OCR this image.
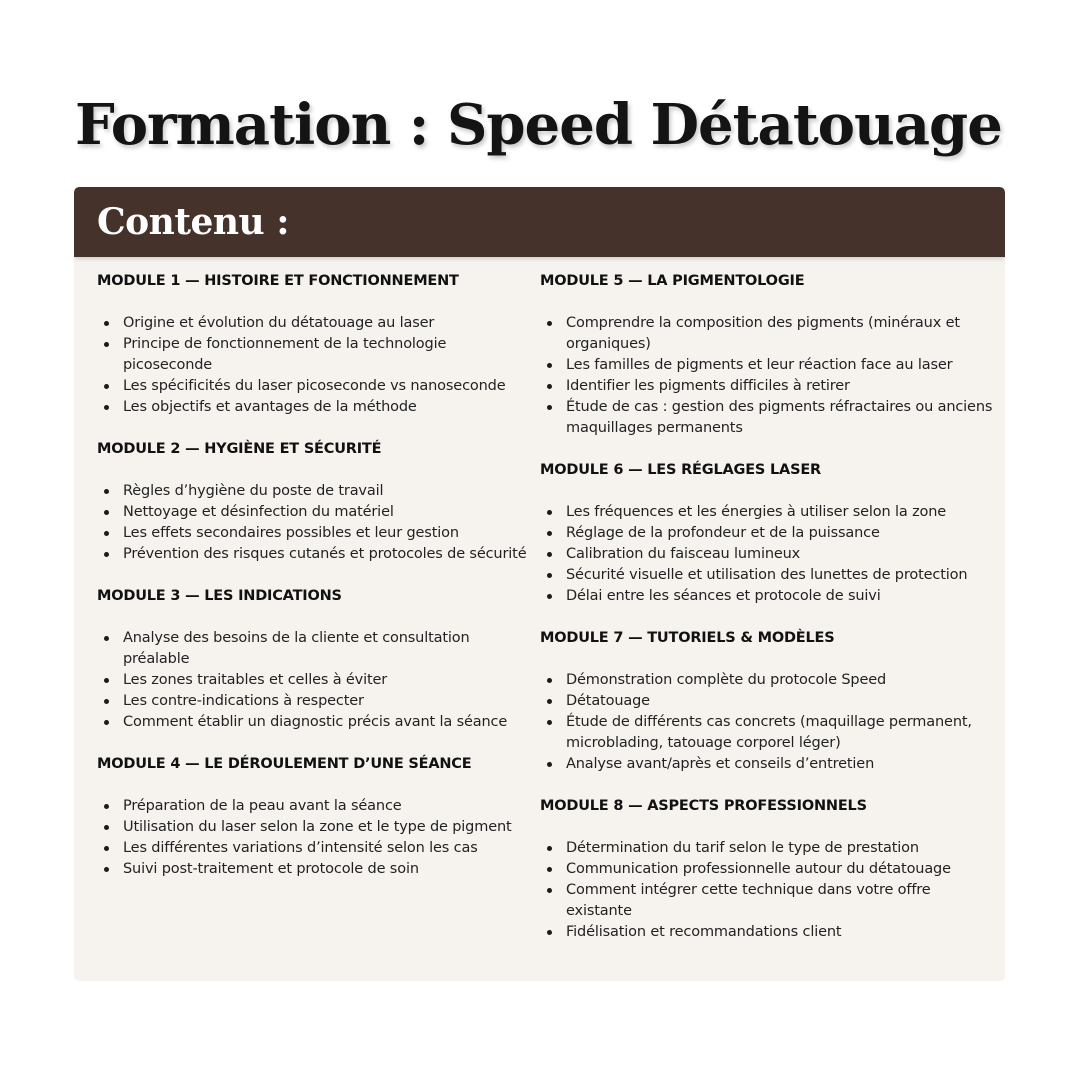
Formation : Speed Détatouage
Contenu :
MODULE 1 — HISTOIRE ET FONCTIONNEMENT
Origine et évolution du détatouage au laser
Principe de fonctionnement de la technologie picoseconde
Les spécificités du laser picoseconde vs nanoseconde
Les objectifs et avantages de la méthode
MODULE 2 — HYGIÈNE ET SÉCURITÉ
Règles d’hygiène du poste de travail
Nettoyage et désinfection du matériel
Les effets secondaires possibles et leur gestion
Prévention des risques cutanés et protocoles de sécurité
MODULE 3 — LES INDICATIONS
Analyse des besoins de la cliente et consultation préalable
Les zones traitables et celles à éviter
Les contre-indications à respecter
Comment établir un diagnostic précis avant la séance
MODULE 4 — LE DÉROULEMENT D’UNE SÉANCE
Préparation de la peau avant la séance
Utilisation du laser selon la zone et le type de pigment
Les différentes variations d’intensité selon les cas
Suivi post-traitement et protocole de soin
MODULE 5 — LA PIGMENTOLOGIE
Comprendre la composition des pigments (minéraux et organiques)
Les familles de pigments et leur réaction face au laser
Identifier les pigments difficiles à retirer
Étude de cas : gestion des pigments réfractaires ou anciens maquillages permanents
MODULE 6 — LES RÉGLAGES LASER
Les fréquences et les énergies à utiliser selon la zone
Réglage de la profondeur et de la puissance
Calibration du faisceau lumineux
Sécurité visuelle et utilisation des lunettes de protection
Délai entre les séances et protocole de suivi
MODULE 7 — TUTORIELS & MODÈLES
Démonstration complète du protocole Speed
Détatouage
Étude de différents cas concrets (maquillage permanent, microblading, tatouage corporel léger)
Analyse avant/après et conseils d’entretien
MODULE 8 — ASPECTS PROFESSIONNELS
Détermination du tarif selon le type de prestation
Communication professionnelle autour du détatouage
Comment intégrer cette technique dans votre offre existante
Fidélisation et recommandations client
